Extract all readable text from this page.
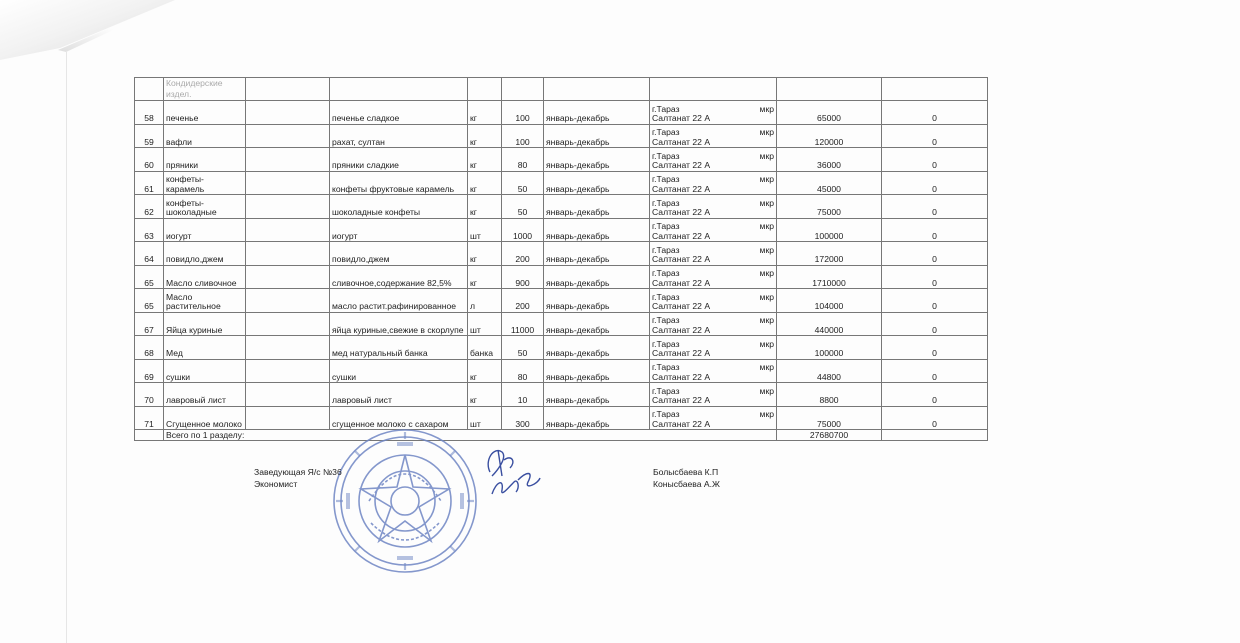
	Кондидерские
издел.								
58	печенье		печенье сладкое	кг	100	январь-декабрь	г.Тараз мкр
Салтанат 22 А	65000	0
59	вафли		рахат, султан	кг	100	январь-декабрь	г.Тараз мкр
Салтанат 22 А	120000	0
60	пряники		пряники сладкие	кг	80	январь-декабрь	г.Тараз мкр
Салтанат 22 А	36000	0
61	конфеты- карамель		конфеты фруктовые карамель	кг	50	январь-декабрь	г.Тараз мкр
Салтанат 22 А	45000	0
62	конфеты- шоколадные		шоколадные конфеты	кг	50	январь-декабрь	г.Тараз мкр
Салтанат 22 А	75000	0
63	иогурт		иогурт	шт	1000	январь-декабрь	г.Тараз мкр
Салтанат 22 А	100000	0
64	повидло,джем		повидло,джем	кг	200	январь-декабрь	г.Тараз мкр
Салтанат 22 А	172000	0
65	Масло сливочное		сливочное,содержание 82,5%	кг	900	январь-декабрь	г.Тараз мкр
Салтанат 22 А	1710000	0
65	Масло растительное		масло растит.рафинированное	л	200	январь-декабрь	г.Тараз мкр
Салтанат 22 А	104000	0
67	Яйца куриные		яйца куриные,свежие в скорлупе	шт	11000	январь-декабрь	г.Тараз мкр
Салтанат 22 А	440000	0
68	Мед		мед натуральный банка	банка	50	январь-декабрь	г.Тараз мкр
Салтанат 22 А	100000	0
69	сушки		сушки	кг	80	январь-декабрь	г.Тараз мкр
Салтанат 22 А	44800	0
70	лавровый лист		лавровый лист	кг	10	январь-декабрь	г.Тараз мкр
Салтанат 22 А	8800	0
71	Сгущенное молоко		сгущенное молоко с сахаром	шт	300	январь-декабрь	г.Тараз мкр
Салтанат 22 А	75000	0
	Всего по 1 разделу:							27680700	
Заведующая Я/с №36
Экономист
Болысбаева К.П
Конысбаева А.Ж
